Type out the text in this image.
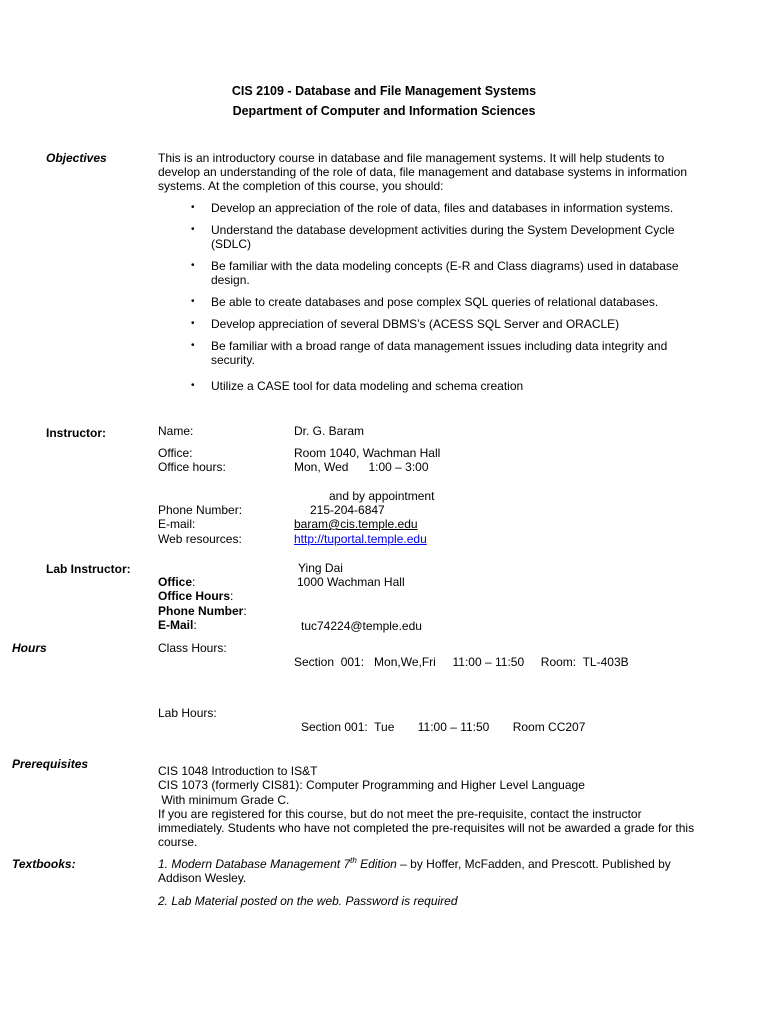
CIS 2109 - Database and File Management Systems
Department of Computer and Information Sciences
Objectives	This is an introductory course in database and file management systems. It will help students to develop an understanding of the role of data, file management and database systems in information systems. At the completion of this course, you should:
• Develop an appreciation of the role of data, files and databases in information systems.
• Understand the database development activities during the System Development Cycle (SDLC)
• Be familiar with the data modeling concepts (E-R and Class diagrams) used in database design.
• Be able to create databases and pose complex SQL queries of relational databases.
• Develop appreciation of several DBMS’s (ACESS SQL Server and ORACLE)
• Be familiar with a broad range of data management issues including data integrity and security.
• Utilize a CASE tool for data modeling and schema creation
Instructor:	Name:	Dr. G. Baram
Office:	Room 1040, Wachman Hall
Office hours:	Mon, Wed      1:00 – 3:00
and by appointment
Phone Number:	215-204-6847
E-mail:	baram@cis.temple.edu
Web resources:	http://tuportal.temple.edu
Lab Instructor:	Ying Dai
Office:	1000 Wachman Hall
Office Hours:
Phone Number:
E-Mail:	tuc74224@temple.edu
Hours	Class Hours:
Section  001:   Mon,We,Fri     11:00 – 11:50     Room:  TL-403B
Lab Hours:
Section 001:  Tue       11:00 – 11:50       Room CC207
Prerequisites	CIS 1048 Introduction to IS&T
CIS 1073 (formerly CIS81): Computer Programming and Higher Level Language
With minimum Grade C.
If you are registered for this course, but do not meet the pre-requisite, contact the instructor immediately. Students who have not completed the pre-requisites will not be awarded a grade for this course.
Textbooks:	1. Modern Database Management 7th Edition – by Hoffer, McFadden, and Prescott. Published by Addison Wesley.
2. Lab Material posted on the web. Password is required
